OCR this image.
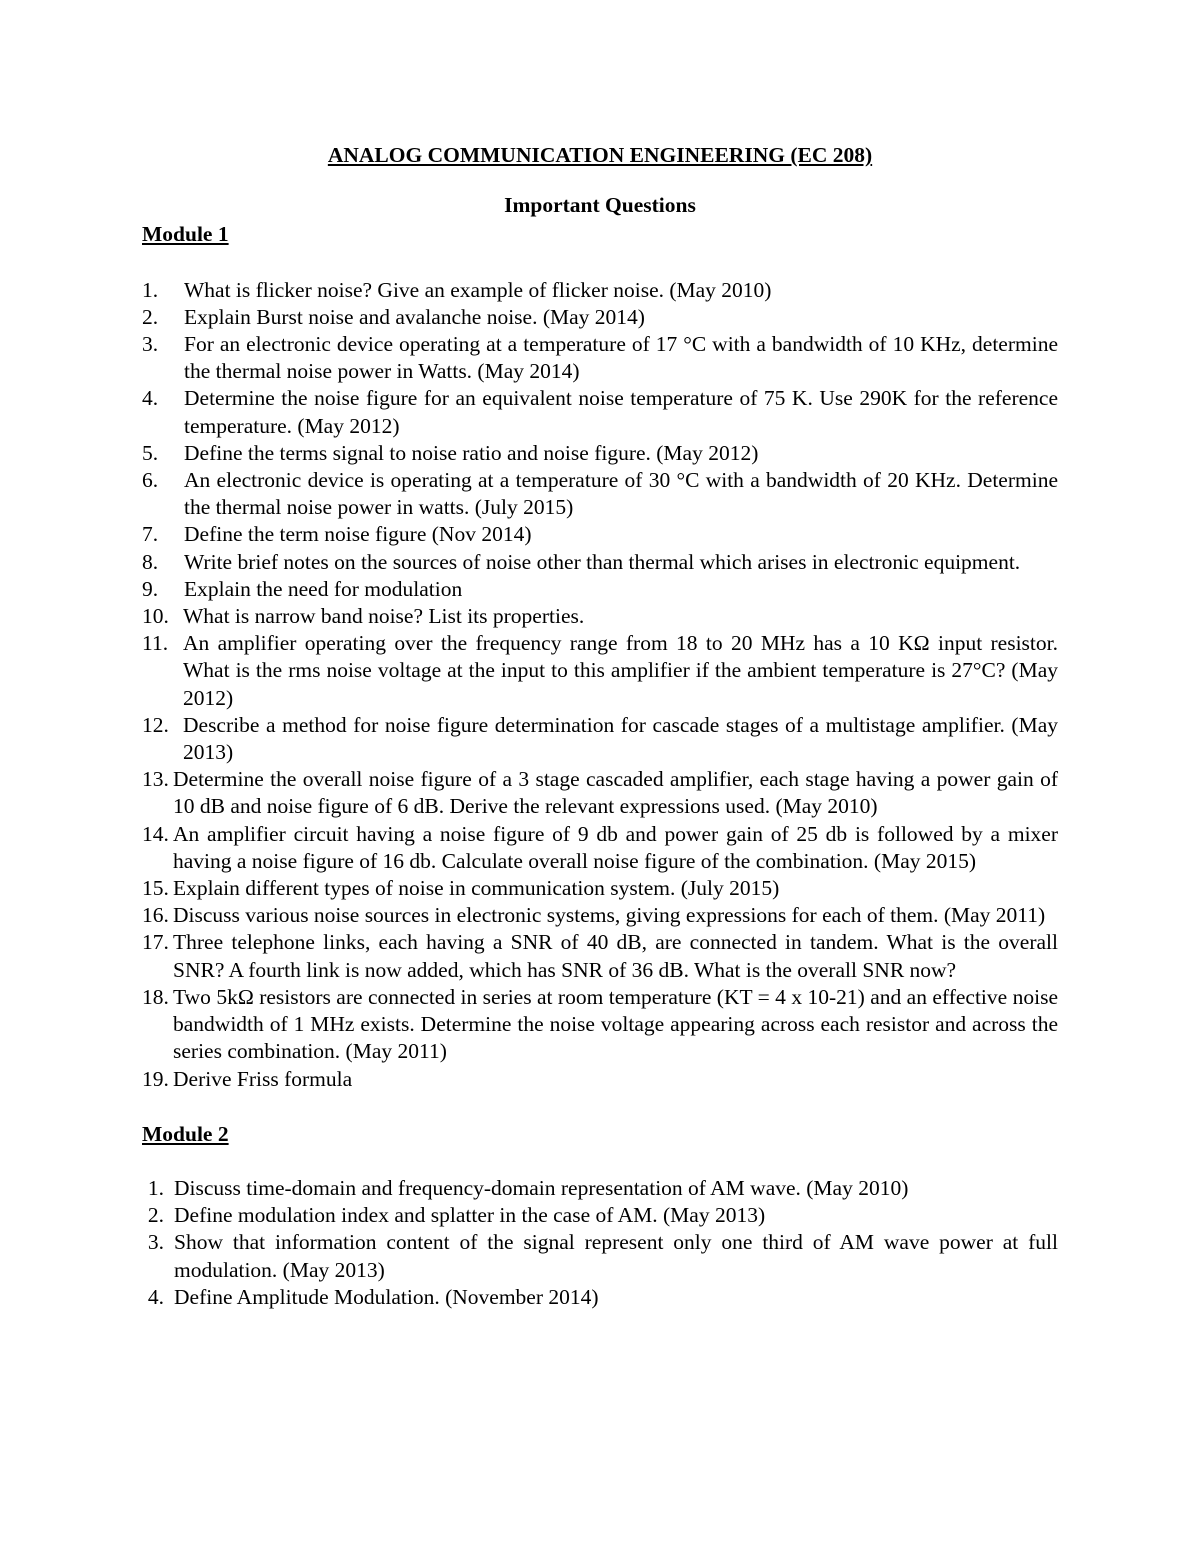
ANALOG COMMUNICATION ENGINEERING (EC 208)
Important Questions
Module 1
1. What is flicker noise? Give an example of flicker noise. (May 2010)
2. Explain Burst noise and avalanche noise. (May 2014)
3. For an electronic device operating at a temperature of 17 °C with a bandwidth of 10 KHz, determine the thermal noise power in Watts. (May 2014)
4. Determine the noise figure for an equivalent noise temperature of 75 K. Use 290K for the reference temperature. (May 2012)
5. Define the terms signal to noise ratio and noise figure. (May 2012)
6. An electronic device is operating at a temperature of 30 °C with a bandwidth of 20 KHz. Determine the thermal noise power in watts. (July 2015)
7. Define the term noise figure (Nov 2014)
8. Write brief notes on the sources of noise other than thermal which arises in electronic equipment.
9. Explain the need for modulation
10. What is narrow band noise? List its properties.
11. An amplifier operating over the frequency range from 18 to 20 MHz has a 10 KΩ input resistor. What is the rms noise voltage at the input to this amplifier if the ambient temperature is 27°C? (May 2012)
12. Describe a method for noise figure determination for cascade stages of a multistage amplifier. (May 2013)
13. Determine the overall noise figure of a 3 stage cascaded amplifier, each stage having a power gain of 10 dB and noise figure of 6 dB. Derive the relevant expressions used. (May 2010)
14. An amplifier circuit having a noise figure of 9 db and power gain of 25 db is followed by a mixer having a noise figure of 16 db. Calculate overall noise figure of the combination. (May 2015)
15. Explain different types of noise in communication system. (July 2015)
16. Discuss various noise sources in electronic systems, giving expressions for each of them. (May 2011)
17. Three telephone links, each having a SNR of 40 dB, are connected in tandem. What is the overall SNR? A fourth link is now added, which has SNR of 36 dB. What is the overall SNR now?
18. Two 5kΩ resistors are connected in series at room temperature (KT = 4 x 10-21) and an effective noise bandwidth of 1 MHz exists. Determine the noise voltage appearing across each resistor and across the series combination. (May 2011)
19. Derive Friss formula
Module 2
1. Discuss time-domain and frequency-domain representation of AM wave. (May 2010)
2. Define modulation index and splatter in the case of AM. (May 2013)
3. Show that information content of the signal represent only one third of AM wave power at full modulation. (May 2013)
4. Define Amplitude Modulation. (November 2014)
